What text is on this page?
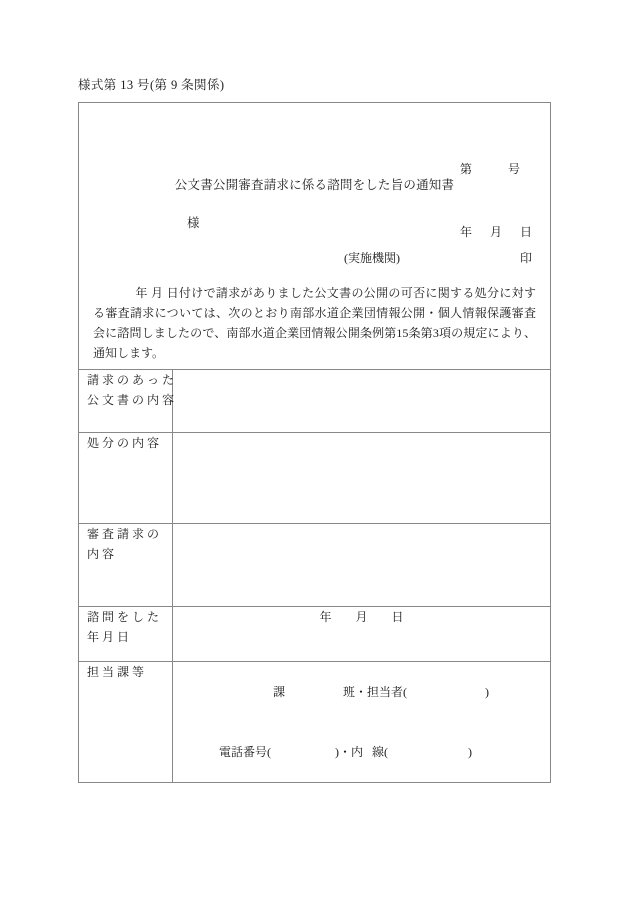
様式第 13 号(第 9 条関係)

第            号

年      月      日

公文書公開審査請求に係る諮問をした旨の通知書
様
(実施機関)	印
年 月 日付けで請求がありました公文書の公開の可否に関する処分に対する審査請求については、次のとおり南部水道企業団情報公開・個人情報保護審査会に諮問しましたので、南部水道企業団情報公開条例第15条第3項の規定により、通知します。

請 求 の あ っ た
公 文 書 の 内 容	

処 分 の 内 容	

審 査 請 求 の
内 容	

諮 問 を し た
年 月 日	年        月        日

担 当 課 等	課 班・担当者( )

電話番号( )・内   線( )
